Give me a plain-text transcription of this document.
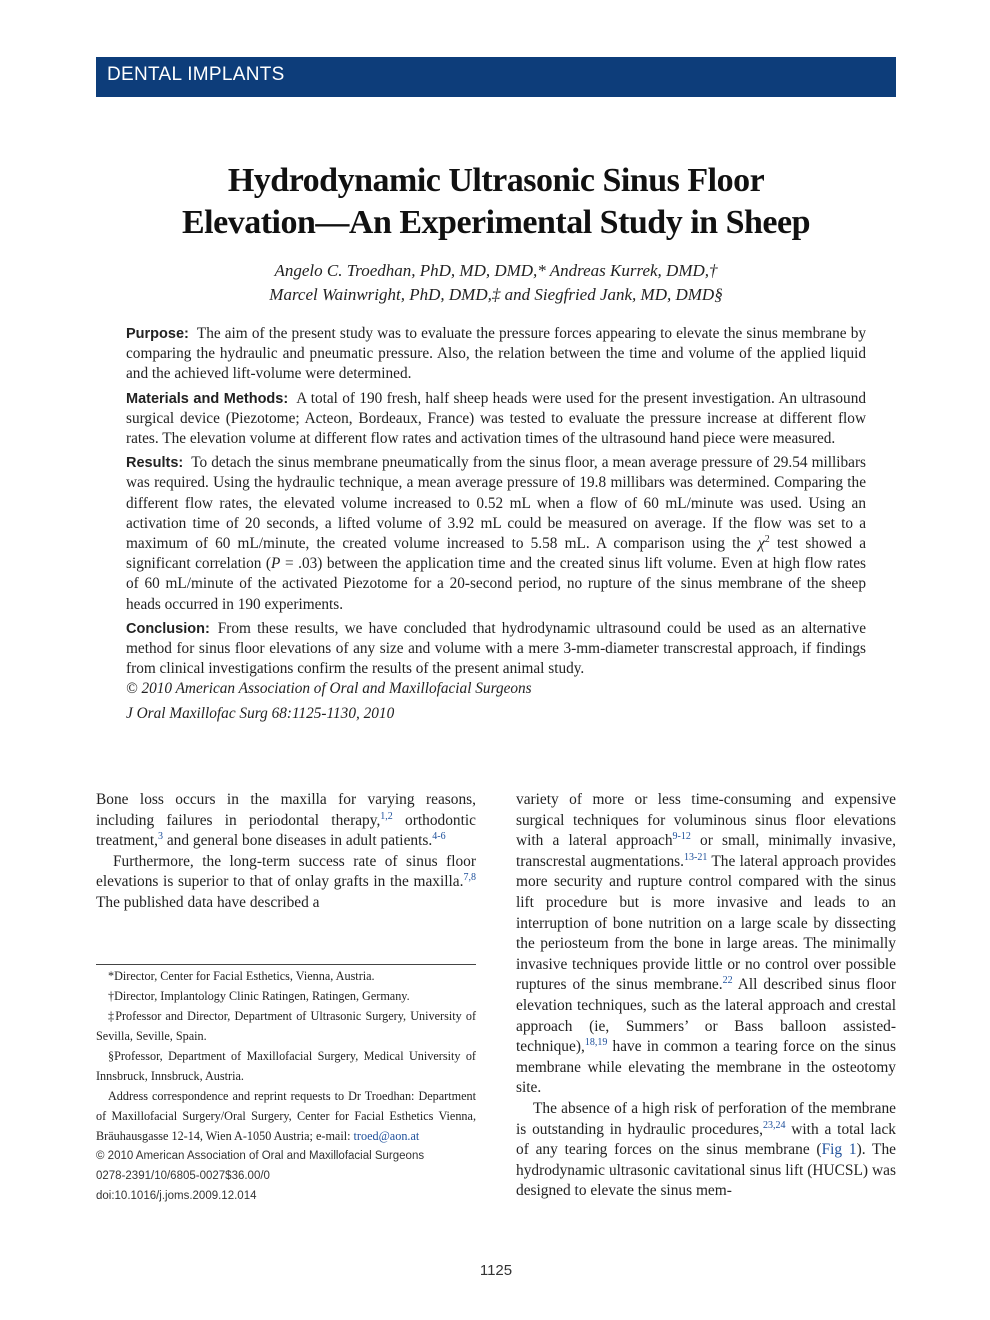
DENTAL IMPLANTS
Hydrodynamic Ultrasonic Sinus Floor
Elevation—An Experimental Study in Sheep
Angelo C. Troedhan, PhD, MD, DMD,* Andreas Kurrek, DMD,†
Marcel Wainwright, PhD, DMD,‡ and Siegfried Jank, MD, DMD§

Purpose: The aim of the present study was to evaluate the pressure forces appearing to elevate the sinus membrane by comparing the hydraulic and pneumatic pressure. Also, the relation between the time and volume of the applied liquid and the achieved lift-volume were determined.

Materials and Methods: A total of 190 fresh, half sheep heads were used for the present investigation. An ultrasound surgical device (Piezotome; Acteon, Bordeaux, France) was tested to evaluate the pressure increase at different flow rates. The elevation volume at different flow rates and activation times of the ultrasound hand piece were measured.

Results: To detach the sinus membrane pneumatically from the sinus floor, a mean average pressure of 29.54 millibars was required. Using the hydraulic technique, a mean average pressure of 19.8 millibars was determined. Comparing the different flow rates, the elevated volume increased to 0.52 mL when a flow of 60 mL/minute was used. Using an activation time of 20 seconds, a lifted volume of 3.92 mL could be measured on average. If the flow was set to a maximum of 60 mL/minute, the created volume increased to 5.58 mL. A comparison using the $\chi^2$ test showed a significant correlation (P = .03) between the application time and the created sinus lift volume. Even at high flow rates of 60 mL/minute of the activated Piezotome for a 20-second period, no rupture of the sinus membrane of the sheep heads occurred in 190 experiments.

Conclusion: From these results, we have concluded that hydrodynamic ultrasound could be used as an alternative method for sinus floor elevations of any size and volume with a mere 3-mm-diameter transcrestal approach, if findings from clinical investigations confirm the results of the present animal study.

© 2010 American Association of Oral and Maxillofacial Surgeons

J Oral Maxillofac Surg 68:1125-1130, 2010

Bone loss occurs in the maxilla for varying reasons, including failures in periodontal therapy,$^{1,2}$ orthodontic treatment,$^3$ and general bone diseases in adult patients.$^{4-6}$

Furthermore, the long-term success rate of sinus floor elevations is superior to that of onlay grafts in the maxilla.$^{7,8}$ The published data have described a

*Director, Center for Facial Esthetics, Vienna, Austria.

†Director, Implantology Clinic Ratingen, Ratingen, Germany.

‡Professor and Director, Department of Ultrasonic Surgery, University of Sevilla, Seville, Spain.

§Professor, Department of Maxillofacial Surgery, Medical University of Innsbruck, Innsbruck, Austria.

Address correspondence and reprint requests to Dr Troedhan: Department of Maxillofacial Surgery/Oral Surgery, Center for Facial Esthetics Vienna, Bräuhausgasse 12-14, Wien A-1050 Austria; e-mail: troed@aon.at

© 2010 American Association of Oral and Maxillofacial Surgeons

0278-2391/10/6805-0027$36.00/0

doi:10.1016/j.joms.2009.12.014

variety of more or less time-consuming and expensive surgical techniques for voluminous sinus floor elevations with a lateral approach$^{9-12}$ or small, minimally invasive, transcrestal augmentations.$^{13-21}$ The lateral approach provides more security and rupture control compared with the sinus lift procedure but is more invasive and leads to an interruption of bone nutrition on a large scale by dissecting the periosteum from the bone in large areas. The minimally invasive techniques provide little or no control over possible ruptures of the sinus membrane.$^{22}$ All described sinus floor elevation techniques, such as the lateral approach and crestal approach (ie, Summers’ or Bass balloon assisted-technique),$^{18,19}$ have in common a tearing force on the sinus membrane while elevating the membrane in the osteotomy site.

The absence of a high risk of perforation of the membrane is outstanding in hydraulic procedures,$^{23,24}$ with a total lack of any tearing forces on the sinus membrane (Fig 1). The hydrodynamic ultrasonic cavitational sinus lift (HUCSL) was designed to elevate the sinus mem-

1125
